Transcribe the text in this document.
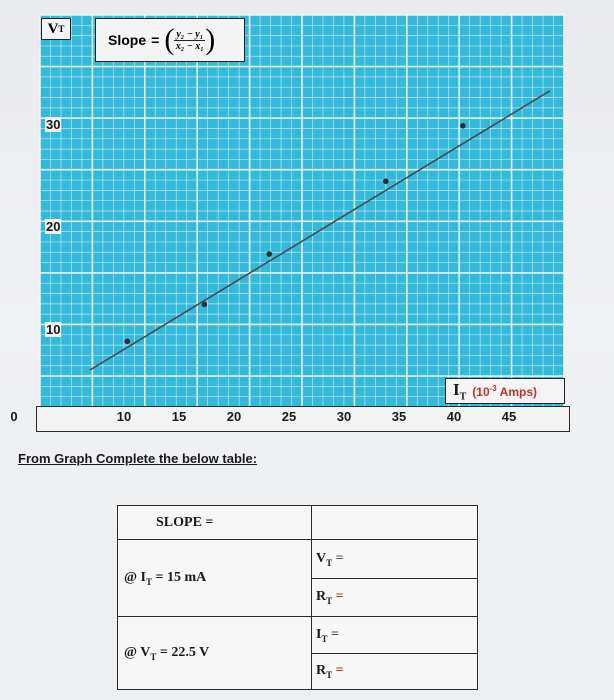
V T
Slope = ( $\frac{\text{y₂ − y₁}}{\text{x₂ − x₁}}$ )
10
20
30
$I_T$ ($10^{-3}$ Amps)
0	10	15	20	25	30	35	40	45
From Graph Complete the below table:
SLOPE =	
@ $I_T = 15$ mA	$V_T$ =
	$R_T$ =
@ $V_T = 22.5$ V	$I_T$ =
	$R_T$ =
